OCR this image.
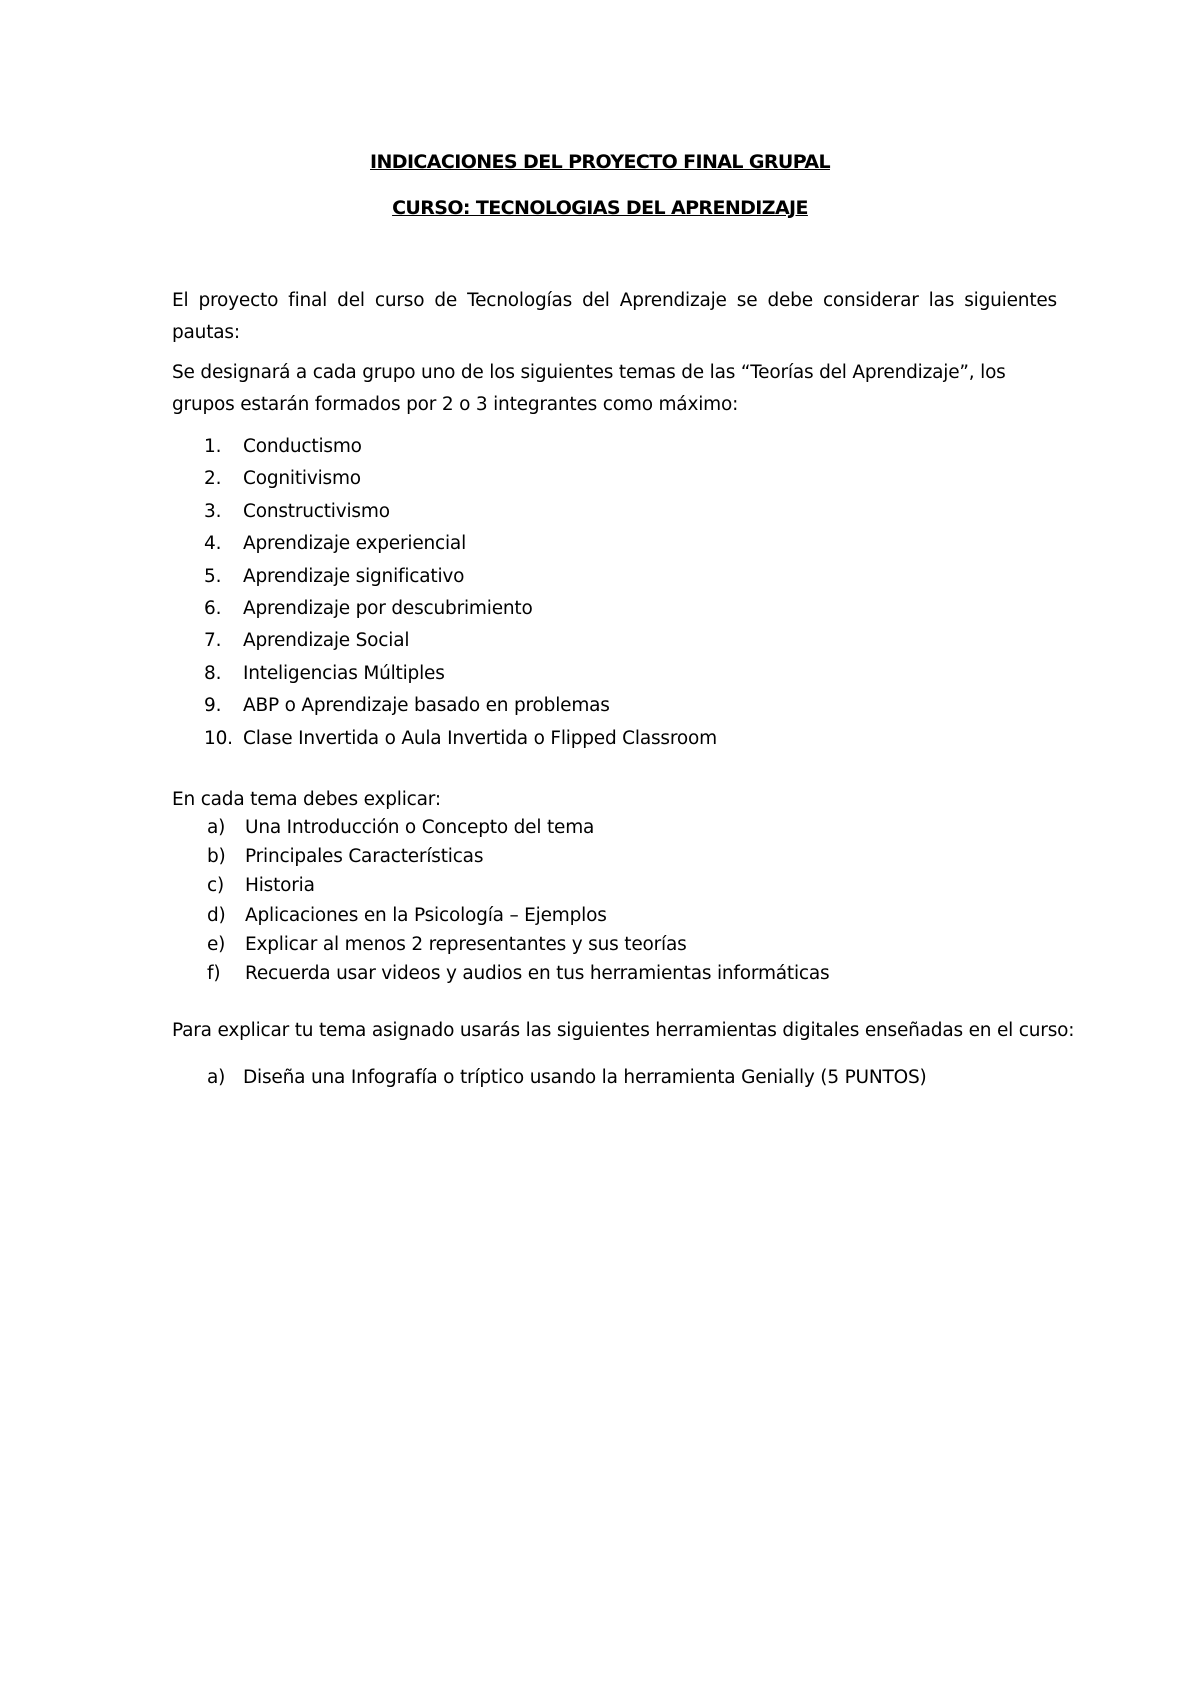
INDICACIONES DEL PROYECTO FINAL GRUPAL
CURSO: TECNOLOGIAS DEL APRENDIZAJE
El proyecto final del curso de Tecnologías del Aprendizaje se debe considerar las siguientes pautas:
Se designará a cada grupo uno de los siguientes temas de las “Teorías del Aprendizaje”, los grupos estarán formados por 2 o 3 integrantes como máximo:
1.	Conductismo
2.	Cognitivismo
3.	Constructivismo
4.	Aprendizaje experiencial
5.	Aprendizaje significativo
6.	Aprendizaje por descubrimiento
7.	Aprendizaje Social
8.	Inteligencias Múltiples
9.	ABP o Aprendizaje basado en problemas
10. Clase Invertida o Aula Invertida o Flipped Classroom
En cada tema debes explicar:
a) Una Introducción o Concepto del tema
b) Principales Características
c) Historia
d) Aplicaciones en la Psicología – Ejemplos
e) Explicar al menos 2 representantes y sus teorías
f) Recuerda usar videos y audios en tus herramientas informáticas
Para explicar tu tema asignado usarás las siguientes herramientas digitales enseñadas en el curso:
a) Diseña una Infografía o tríptico usando la herramienta Genially (5 PUNTOS)
